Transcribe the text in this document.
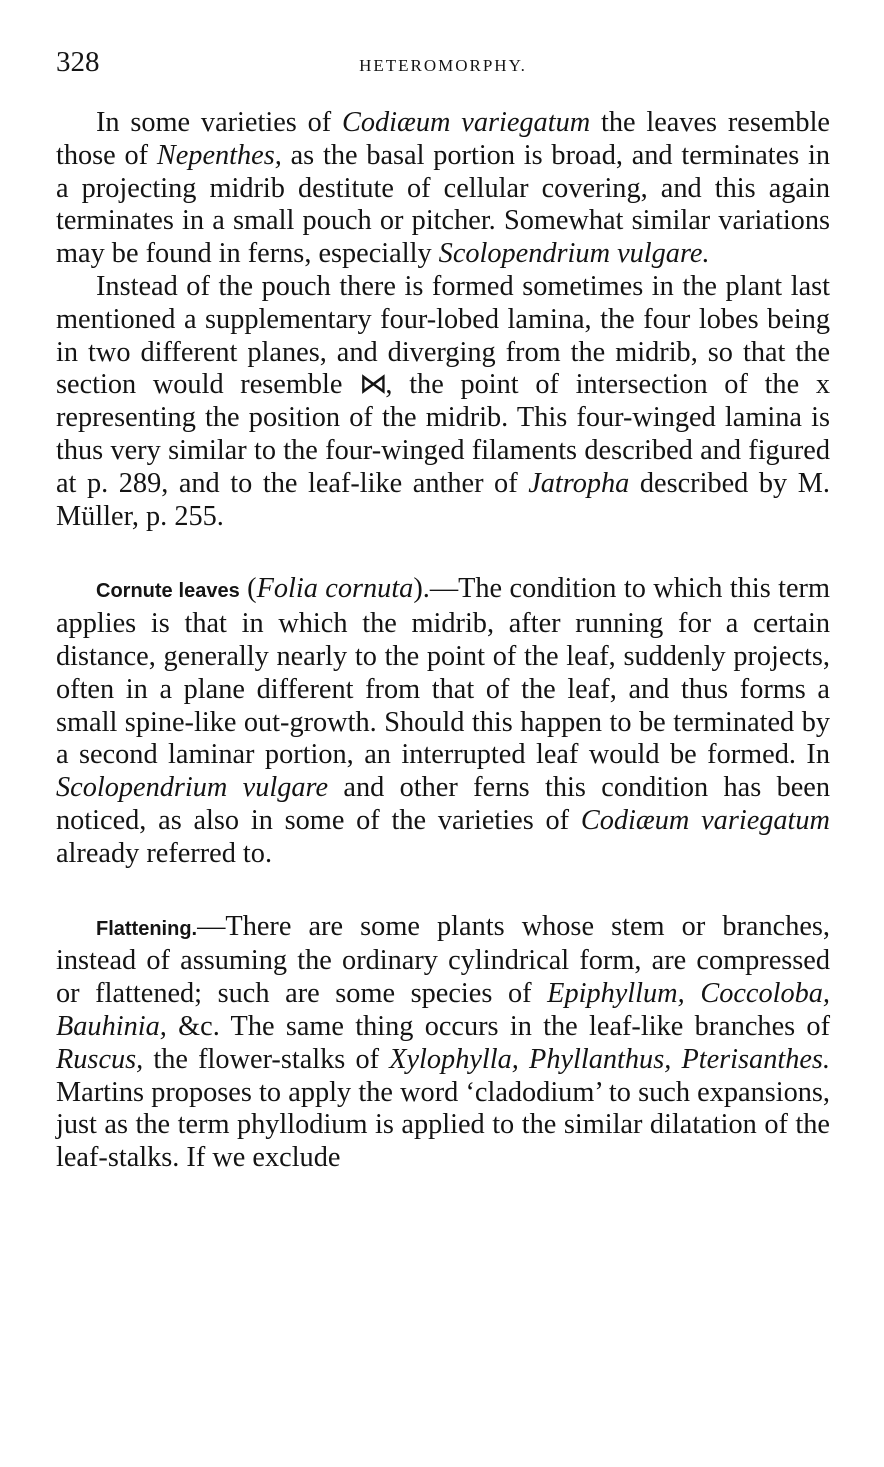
328	HETEROMORPHY.

In some varieties of Codiæum variegatum the leaves resemble those of Nepenthes, as the basal portion is broad, and terminates in a projecting midrib destitute of cellular covering, and this again terminates in a small pouch or pitcher. Somewhat similar variations may be found in ferns, especially Scolopendrium vulgare.

Instead of the pouch there is formed sometimes in the plant last mentioned a supplementary four-lobed lamina, the four lobes being in two different planes, and diverging from the midrib, so that the section would resemble ⋈, the point of intersection of the x representing the position of the midrib. This four-winged lamina is thus very similar to the four-winged filaments described and figured at p. 289, and to the leaf-like anther of Jatropha described by M. Müller, p. 255.

Cornute leaves (Folia cornuta).—The condition to which this term applies is that in which the midrib, after running for a certain distance, generally nearly to the point of the leaf, suddenly projects, often in a plane different from that of the leaf, and thus forms a small spine-like out-growth. Should this happen to be terminated by a second laminar portion, an interrupted leaf would be formed. In Scolopendrium vulgare and other ferns this condition has been noticed, as also in some of the varieties of Codiæum variegatum already referred to.

Flattening.—There are some plants whose stem or branches, instead of assuming the ordinary cylindrical form, are compressed or flattened; such are some species of Epiphyllum, Coccoloba, Bauhinia, &c. The same thing occurs in the leaf-like branches of Ruscus, the flower-stalks of Xylophylla, Phyllanthus, Pterisanthes. Martins proposes to apply the word ‘cladodium’ to such expansions, just as the term phyllodium is applied to the similar dilatation of the leaf-stalks. If we exclude
